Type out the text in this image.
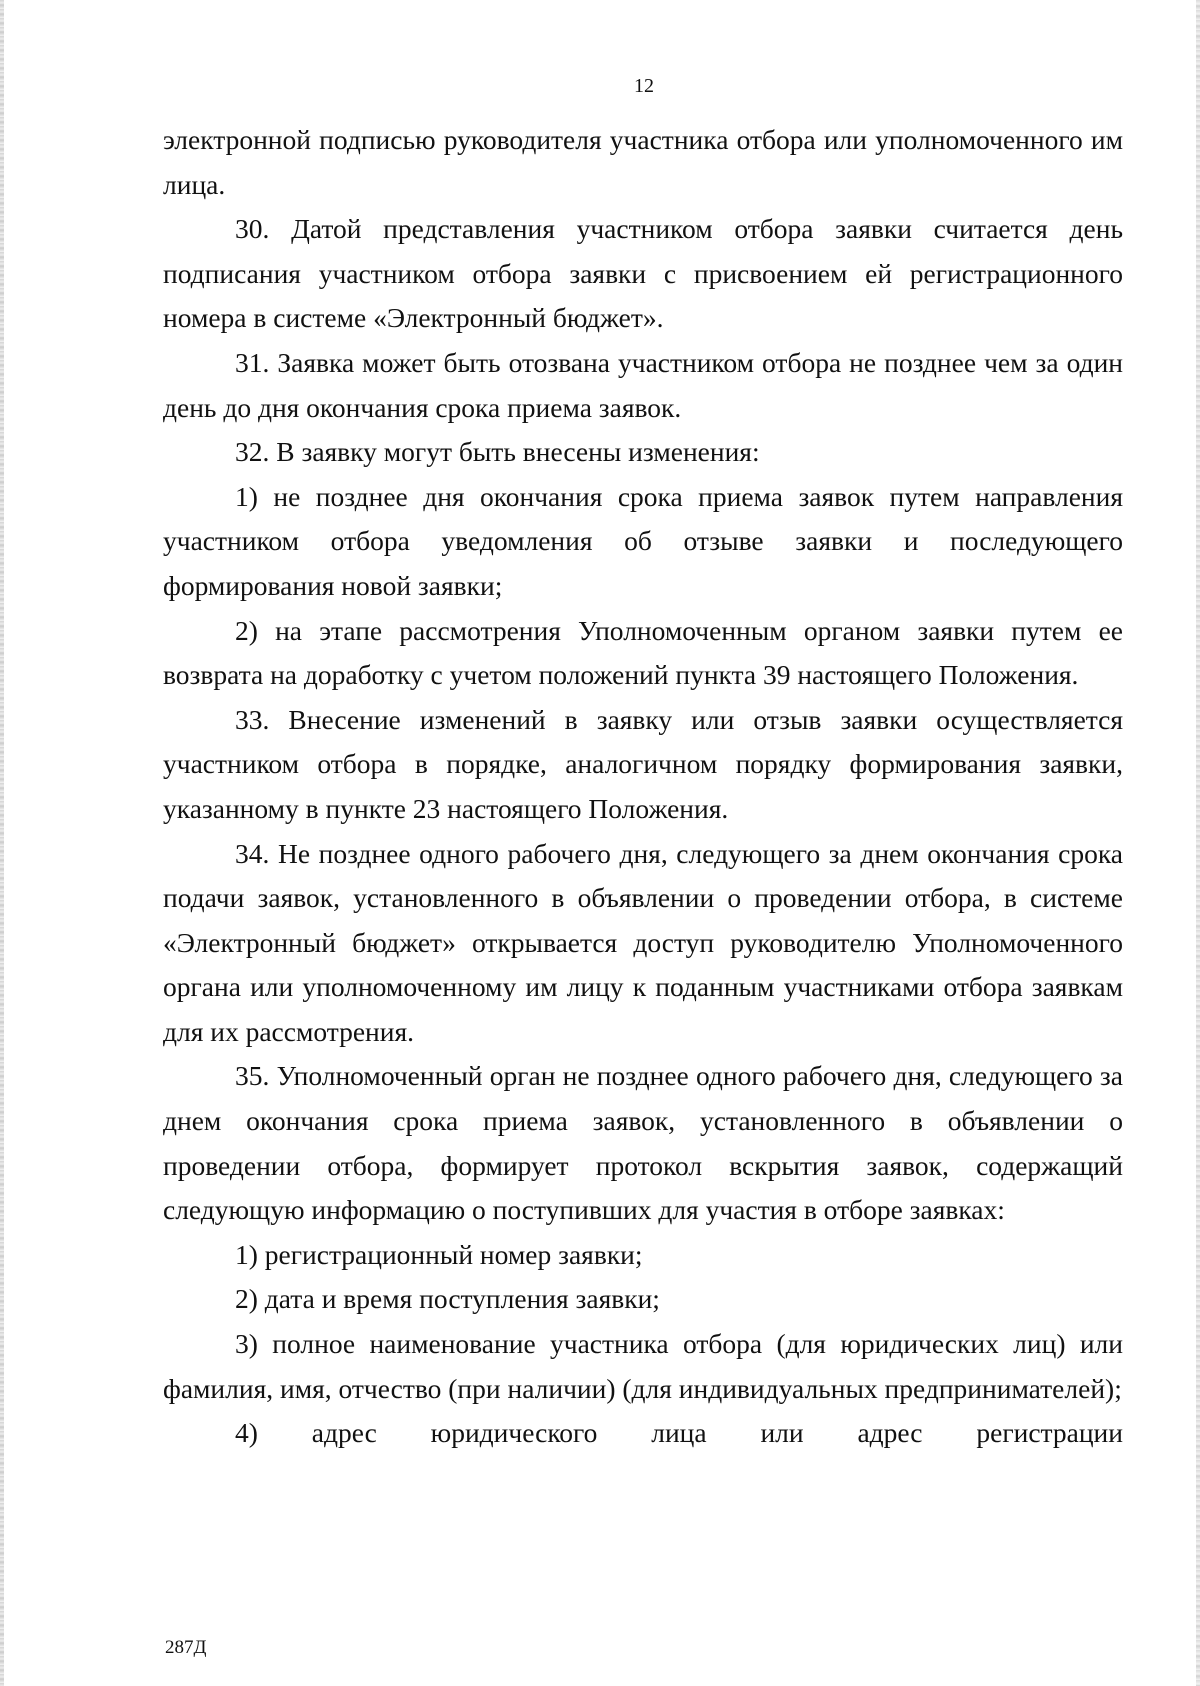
12

электронной подписью руководителя участника отбора или уполномоченного им лица.

30. Датой представления участником отбора заявки считается день подписания участником отбора заявки с присвоением ей регистрационного номера в системе «Электронный бюджет».

31. Заявка может быть отозвана участником отбора не позднее чем за один день до дня окончания срока приема заявок.

32. В заявку могут быть внесены изменения:

1) не позднее дня окончания срока приема заявок путем направления участником отбора уведомления об отзыве заявки и последующего формирования новой заявки;

2) на этапе рассмотрения Уполномоченным органом заявки путем ее возврата на доработку с учетом положений пункта 39 настоящего Положения.

33. Внесение изменений в заявку или отзыв заявки осуществляется участником отбора в порядке, аналогичном порядку формирования заявки, указанному в пункте 23 настоящего Положения.

34. Не позднее одного рабочего дня, следующего за днем окончания срока подачи заявок, установленного в объявлении о проведении отбора, в системе «Электронный бюджет» открывается доступ руководителю Уполномоченного органа или уполномоченному им лицу к поданным участниками отбора заявкам для их рассмотрения.

35. Уполномоченный орган не позднее одного рабочего дня, следующего за днем окончания срока приема заявок, установленного в объявлении о проведении отбора, формирует протокол вскрытия заявок, содержащий следующую информацию о поступивших для участия в отборе заявках:

1) регистрационный номер заявки;

2) дата и время поступления заявки;

3) полное наименование участника отбора (для юридических лиц) или фамилия, имя, отчество (при наличии) (для индивидуальных предпринимателей);

4) адрес юридического лица или адрес регистрации

287Д
